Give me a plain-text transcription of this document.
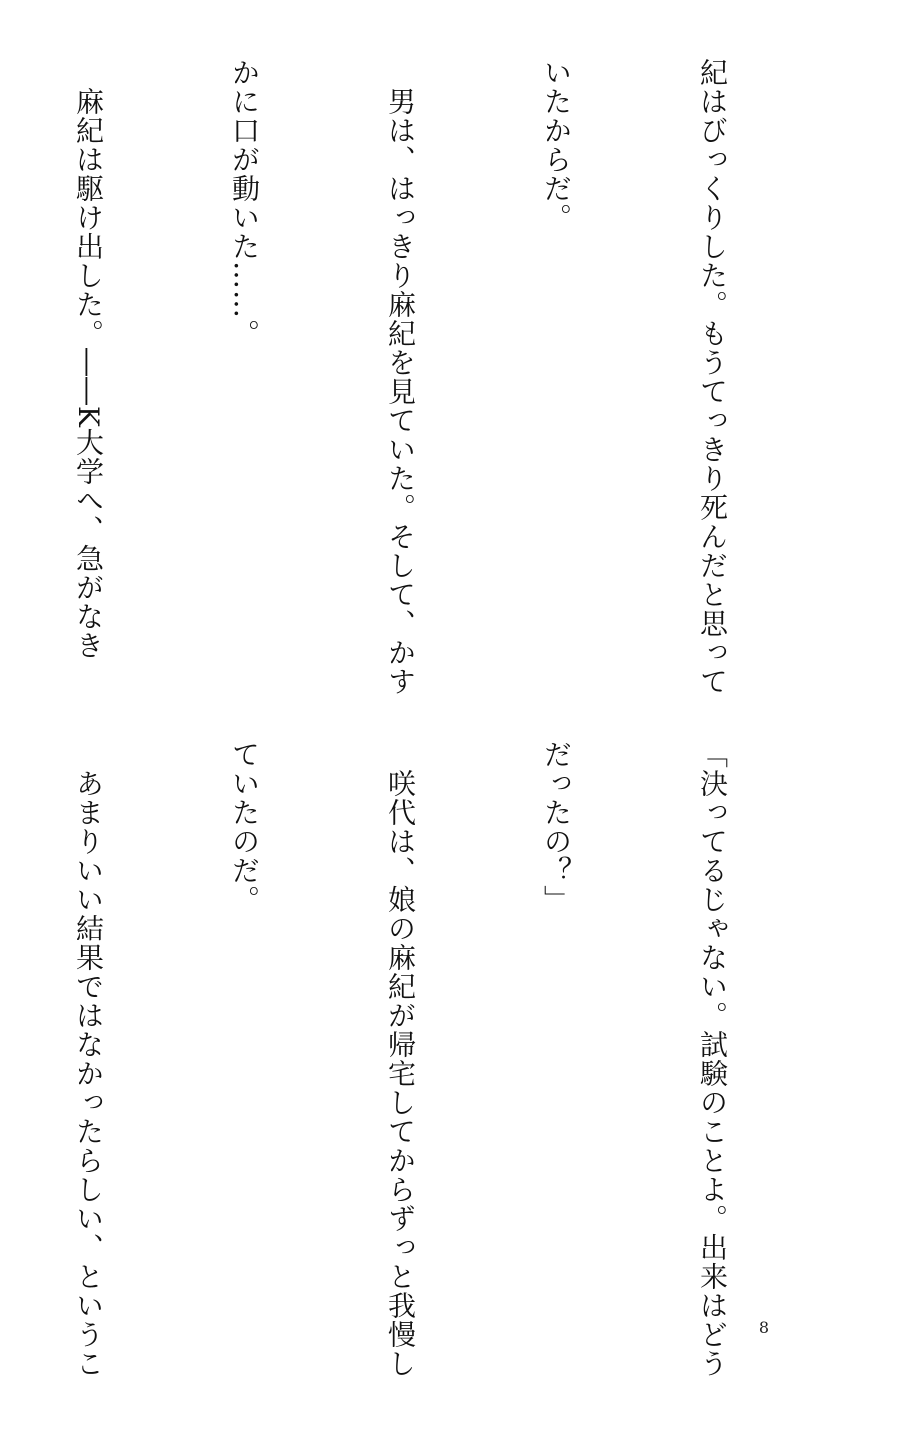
紀はびっくりした。もうてっきり死んだと思って

いたからだ。

　男は、はっきり麻紀を見ていた。そして、かす

かに口が動いた……。

　麻紀は駆け出した。――K大学へ、急がなき

「決ってるじゃない。試験のことよ。出来はどう

だったの？」

　咲代は、娘の麻紀が帰宅してからずっと我慢し

ていたのだ。

　あまりいい結果ではなかったらしい、というこ

	8
